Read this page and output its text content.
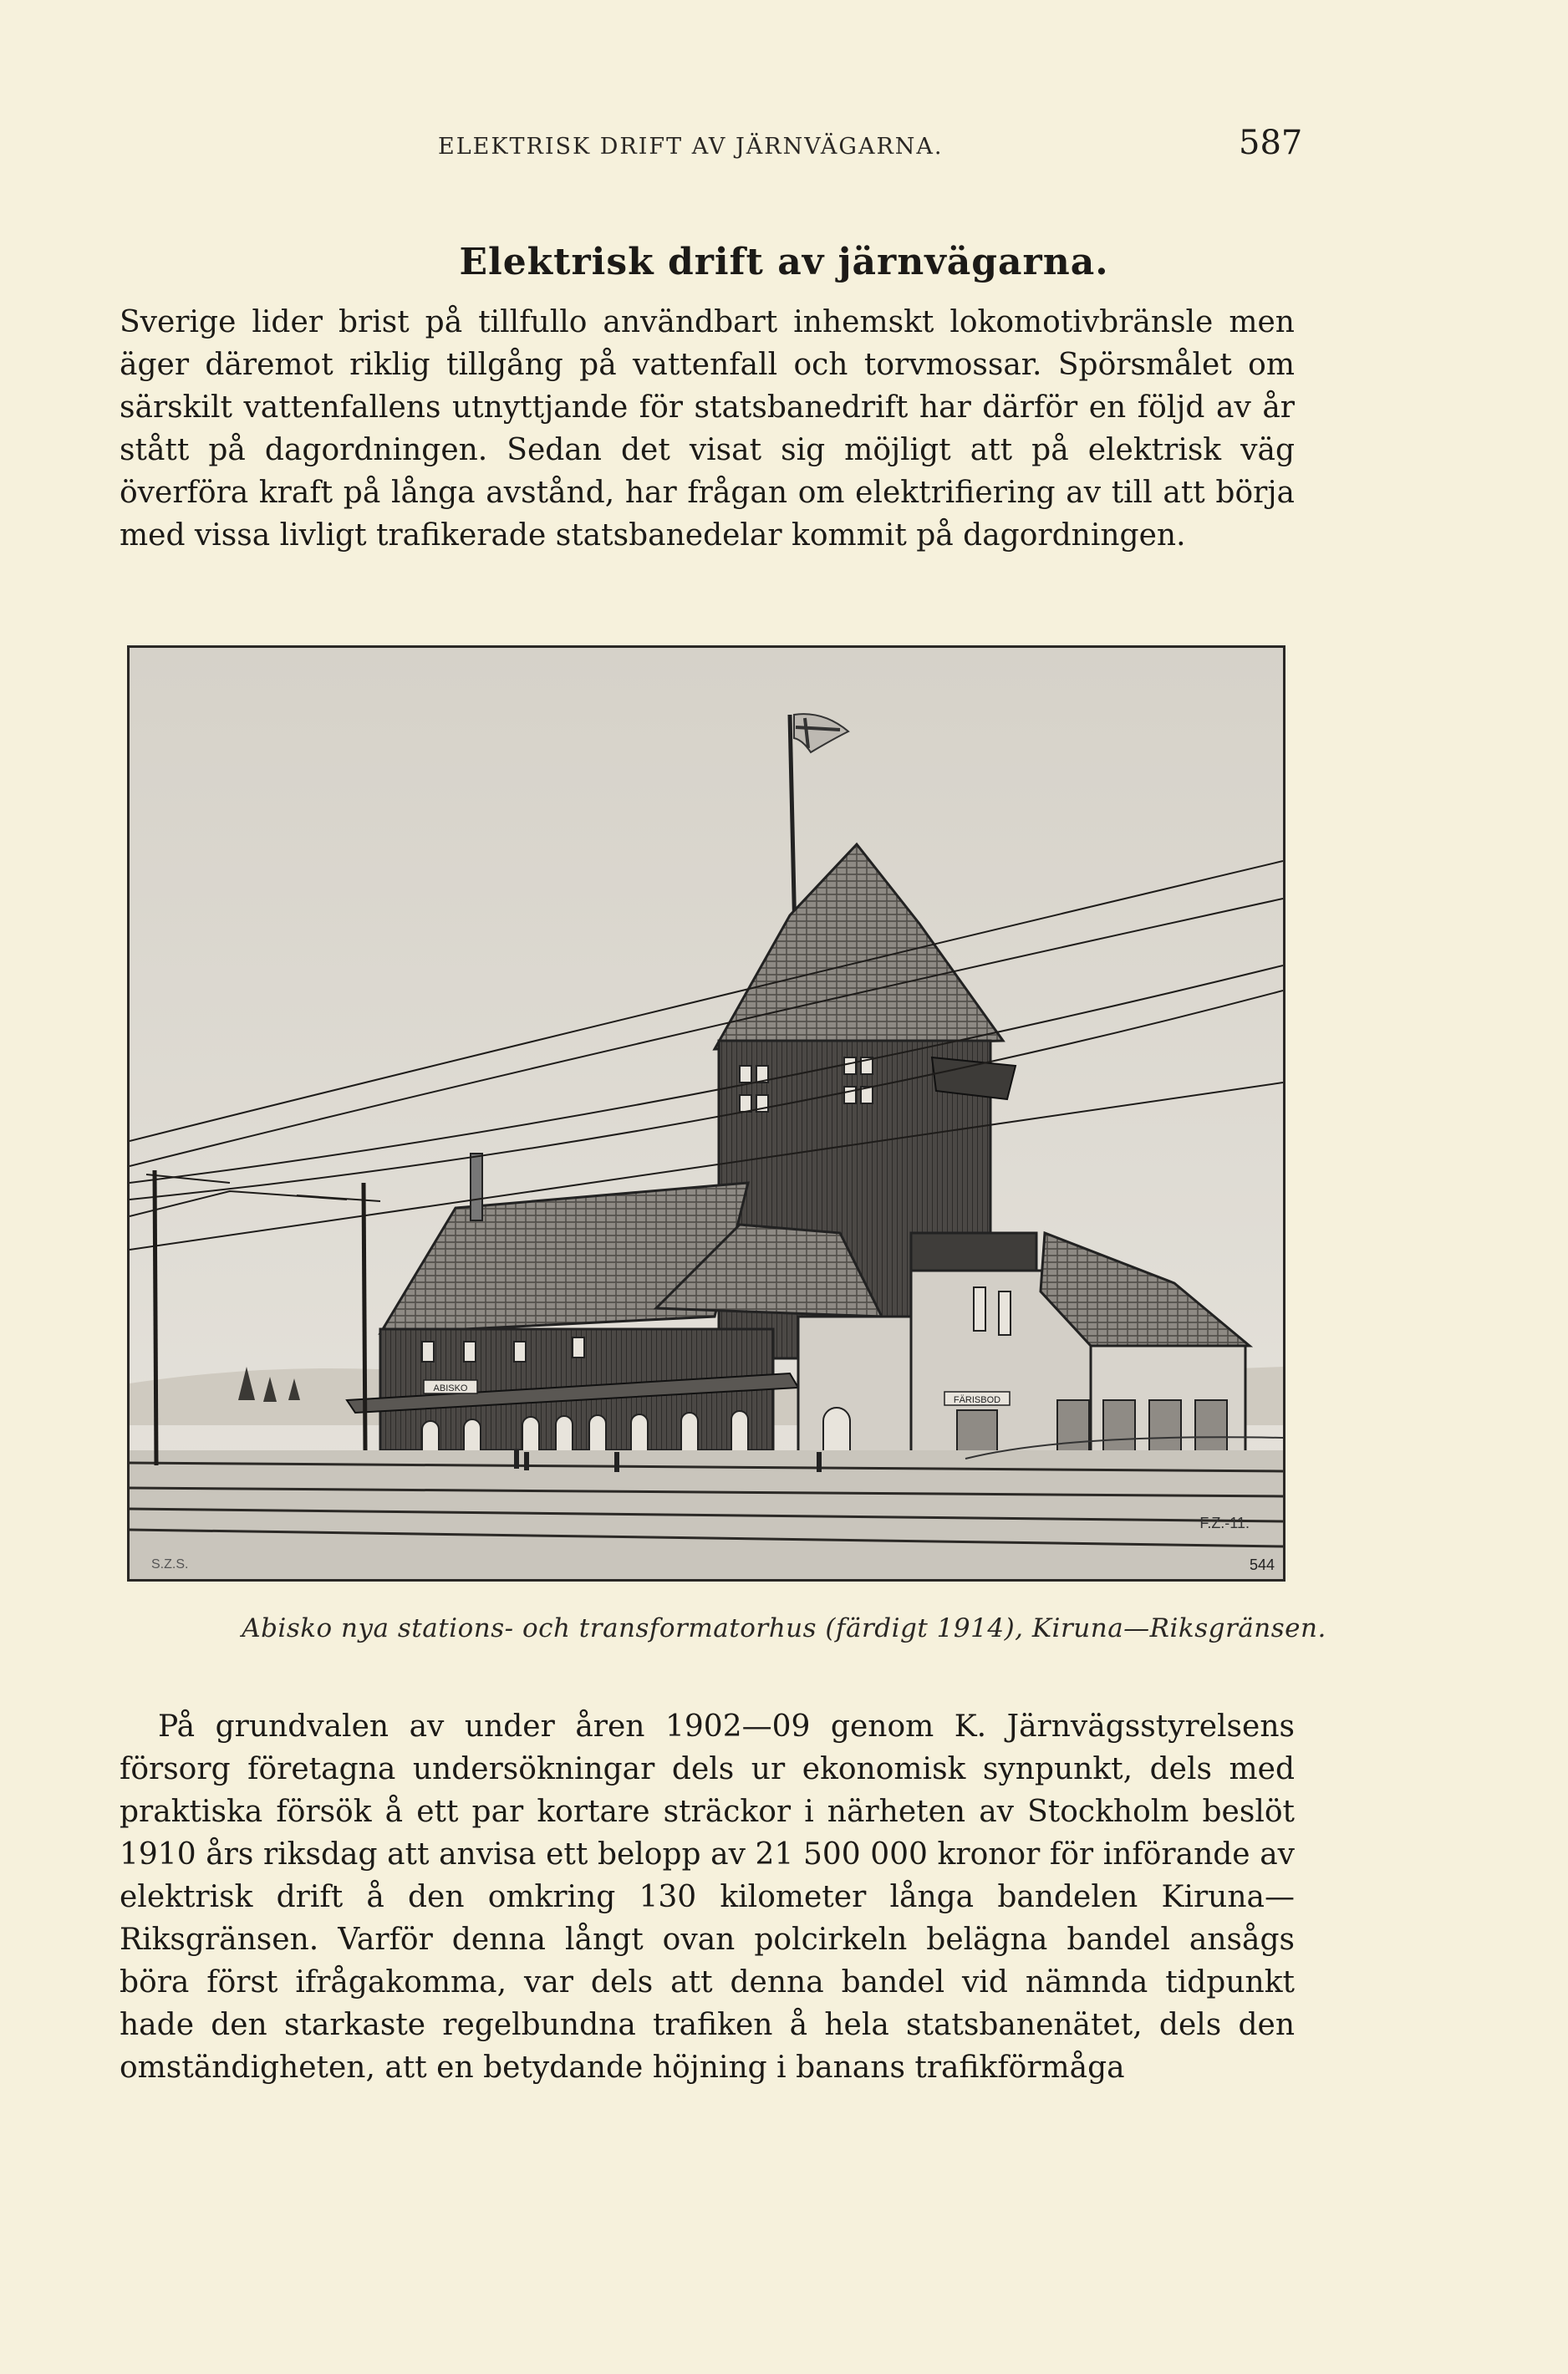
ELEKTRISK DRIFT AV JÄRNVÄGARNA.	587
Elektrisk drift av järnvägarna.
Sverige lider brist på tillfullo användbart inhemskt lokomotivbränsle men äger däremot riklig tillgång på vattenfall och torvmossar. Spörsmålet om särskilt vattenfallens utnyttjande för statsbanedrift har därför en följd av år stått på dagordningen. Sedan det visat sig möjligt att på elektrisk väg överföra kraft på långa avstånd, har frågan om elektrifiering av till att börja med vissa livligt trafikerade statsbanedelar kommit på dagordningen.
ABISKO
FÄRISBOD
F.Z.-11.
544
S.Z.S.
Abisko nya stations- och transformatorhus (färdigt 1914), Kiruna—Riksgränsen.
På grundvalen av under åren 1902—09 genom K. Järnvägsstyrelsens försorg företagna undersökningar dels ur ekonomisk synpunkt, dels med praktiska försök å ett par kortare sträckor i närheten av Stockholm beslöt 1910 års riksdag att anvisa ett belopp av 21 500 000 kronor för införande av elektrisk drift å den omkring 130 kilometer långa bandelen Kiruna—Riksgränsen. Varför denna långt ovan polcirkeln belägna bandel ansågs böra först ifrågakomma, var dels att denna bandel vid nämnda tidpunkt hade den starkaste regelbundna trafiken å hela statsbanenätet, dels den omständigheten, att en betydande höjning i banans trafikförmåga
